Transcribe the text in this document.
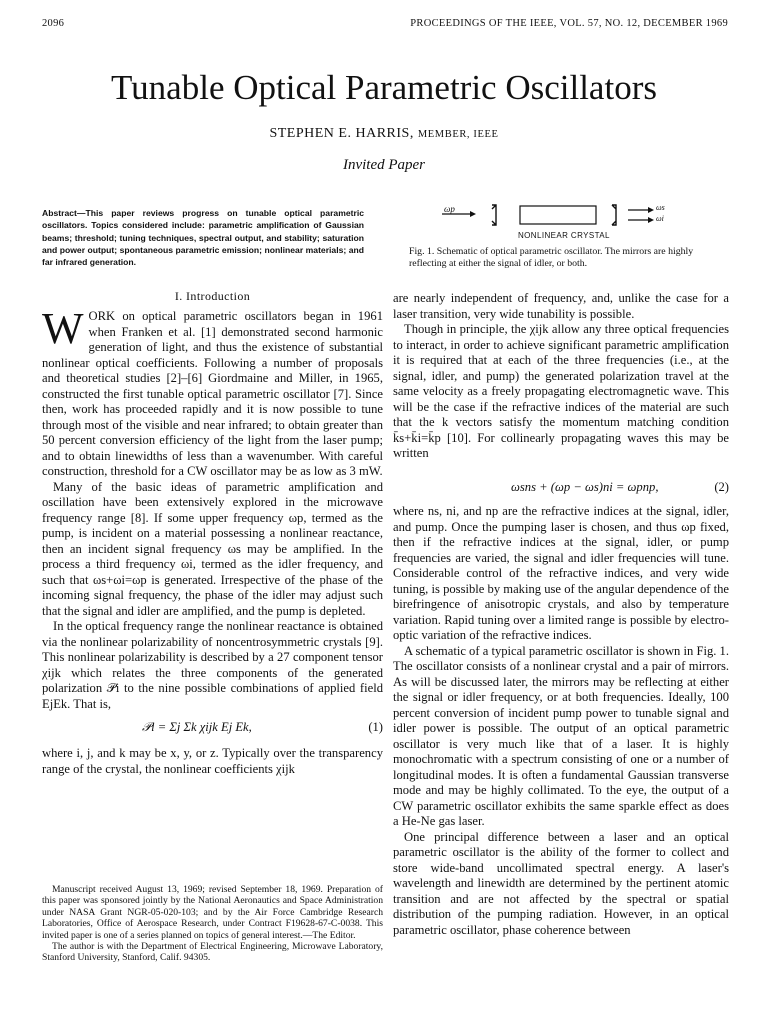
2096	PROCEEDINGS OF THE IEEE, VOL. 57, NO. 12, DECEMBER 1969
Tunable Optical Parametric Oscillators
STEPHEN E. HARRIS, MEMBER, IEEE
Invited Paper
Abstract—This paper reviews progress on tunable optical parametric oscillators. Topics considered include: parametric amplification of Gaussian beams; threshold; tuning techniques, spectral output, and stability; saturation and power output; spontaneous parametric emission; nonlinear materials; and far infrared generation.
ωp	ωs
ωi
NONLINEAR CRYSTAL
Fig. 1. Schematic of optical parametric oscillator. The mirrors are highly reflecting at either the signal of idler, or both.
I. Introduction

WORK on optical parametric oscillators began in 1961 when Franken et al. [1] demonstrated second harmonic generation of light, and thus the existence of substantial nonlinear optical coefficients. Following a number of proposals and theoretical studies [2]–[6] Giordmaine and Miller, in 1965, constructed the first tunable optical parametric oscillator [7]. Since then, work has proceeded rapidly and it is now possible to tune through most of the visible and near infrared; to obtain greater than 50 percent conversion efficiency of the light from the laser pump; and to obtain linewidths of less than a wavenumber. With careful construction, threshold for a CW oscillator may be as low as 3 mW.

Many of the basic ideas of parametric amplification and oscillation have been extensively explored in the microwave frequency range [8]. If some upper frequency ωp, termed as the pump, is incident on a material possessing a nonlinear reactance, then an incident signal frequency ωs may be amplified. In the process a third frequency ωi, termed as the idler frequency, and such that ωs+ωi=ωp is generated. Irrespective of the phase of the incoming signal frequency, the phase of the idler may adjust such that the signal and idler are amplified, and the pump is depleted.

In the optical frequency range the nonlinear reactance is obtained via the nonlinear polarizability of noncentrosymmetric crystals [9]. This nonlinear polarizability is described by a 27 component tensor χijk which relates the three components of the generated polarization 𝒫i to the nine possible combinations of applied field EjEk. That is,

𝒫i = Σj Σk χijk Ej Ek,	(1)

where i, j, and k may be x, y, or z. Typically over the transparency range of the crystal, the nonlinear coefficients χijk

Manuscript received August 13, 1969; revised September 18, 1969. Preparation of this paper was sponsored jointly by the National Aeronautics and Space Administration under NASA Grant NGR-05-020-103; and by the Air Force Cambridge Research Laboratories, Office of Aerospace Research, under Contract F19628-67-C-0038. This invited paper is one of a series planned on topics of general interest.—The Editor.

The author is with the Department of Electrical Engineering, Microwave Laboratory, Stanford University, Stanford, Calif. 94305.

are nearly independent of frequency, and, unlike the case for a laser transition, very wide tunability is possible.

Though in principle, the χijk allow any three optical frequencies to interact, in order to achieve significant parametric amplification it is required that at each of the three frequencies (i.e., at the signal, idler, and pump) the generated polarization travel at the same velocity as a freely propagating electromagnetic wave. This will be the case if the refractive indices of the material are such that the k vectors satisfy the momentum matching condition k̄s+k̄i=k̄p [10]. For collinearly propagating waves this may be written

ωsns + (ωp − ωs)ni = ωpnp,	(2)

where ns, ni, and np are the refractive indices at the signal, idler, and pump. Once the pumping laser is chosen, and thus ωp fixed, then if the refractive indices at the signal, idler, or pump frequencies are varied, the signal and idler frequencies will tune. Considerable control of the refractive indices, and very wide tuning, is possible by making use of the angular dependence of the birefringence of anisotropic crystals, and also by temperature variation. Rapid tuning over a limited range is possible by electro-optic variation of the refractive indices.

A schematic of a typical parametric oscillator is shown in Fig. 1. The oscillator consists of a nonlinear crystal and a pair of mirrors. As will be discussed later, the mirrors may be reflecting at either the signal or idler frequency, or at both frequencies. Ideally, 100 percent conversion of incident pump power to tunable signal and idler power is possible. The output of an optical parametric oscillator is very much like that of a laser. It is highly monochromatic with a spectrum consisting of one or a number of longitudinal modes. It is often a fundamental Gaussian transverse mode and may be highly collimated. To the eye, the output of a CW parametric oscillator exhibits the same sparkle effect as does a He-Ne gas laser.

One principal difference between a laser and an optical parametric oscillator is the ability of the former to collect and store wide-band uncollimated spectral energy. A laser's wavelength and linewidth are determined by the pertinent atomic transition and are not affected by the spectral or spatial distribution of the pumping radiation. However, in an optical parametric oscillator, phase coherence between
